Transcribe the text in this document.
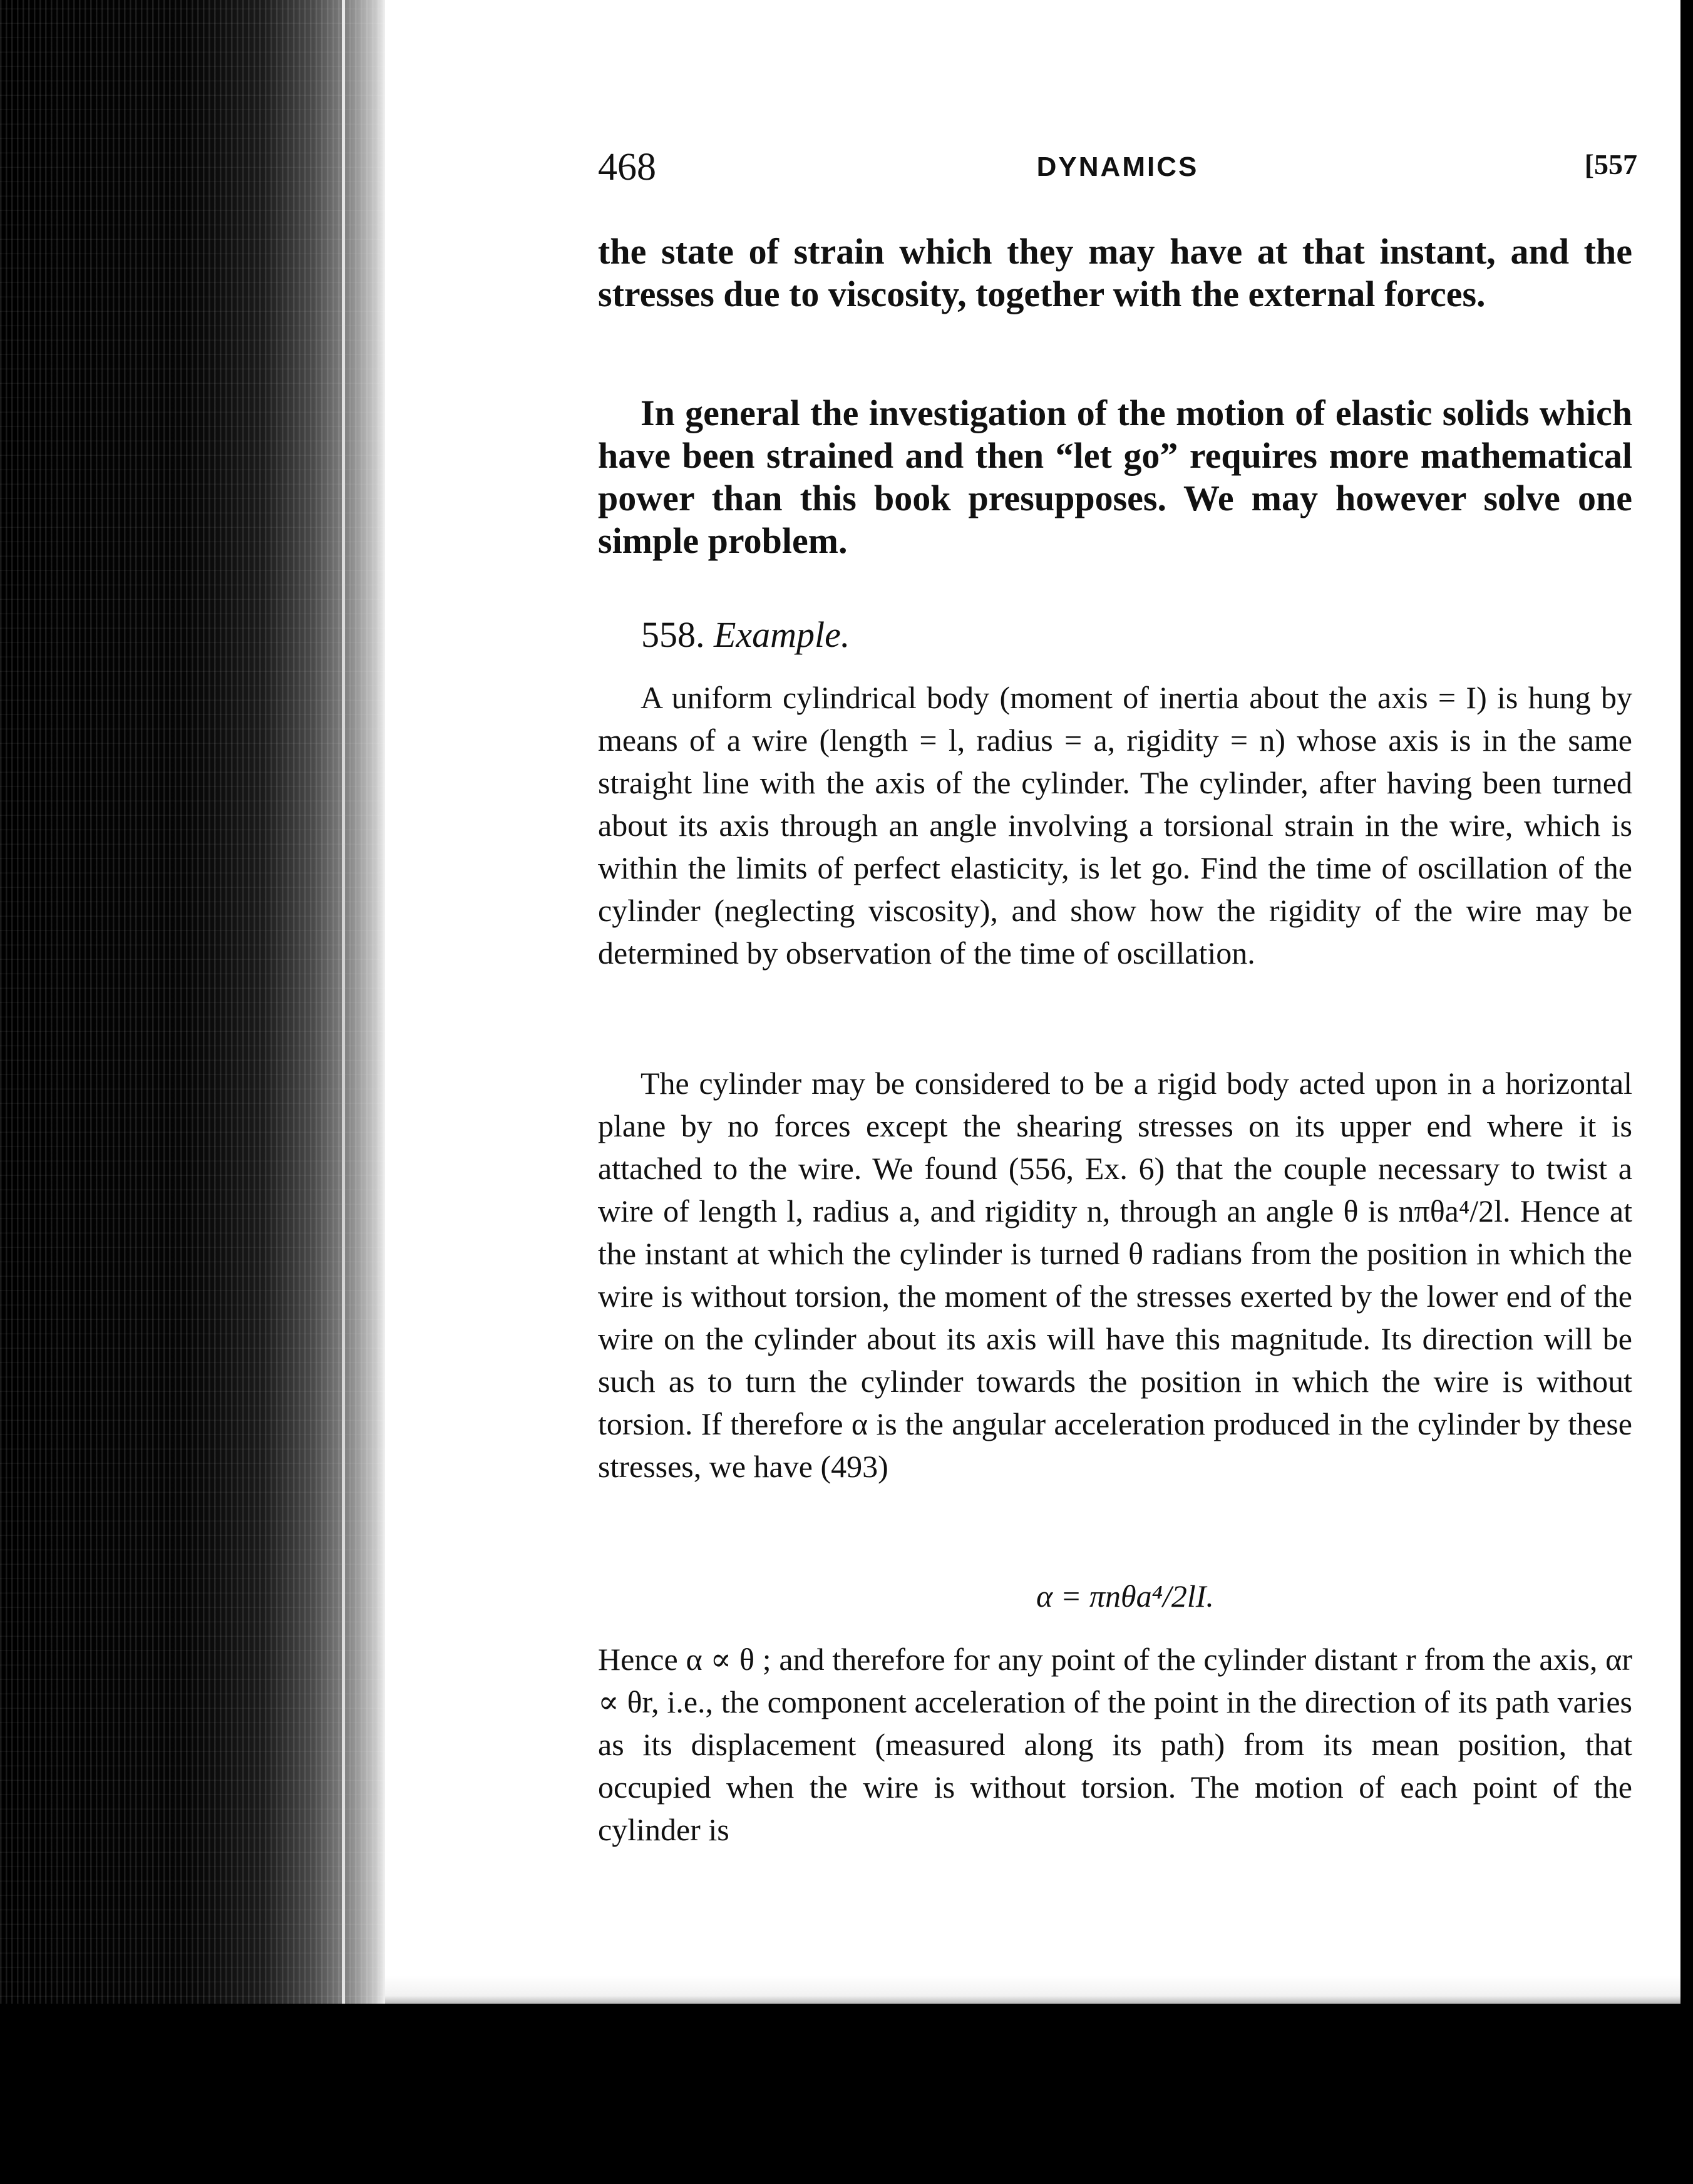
468	DYNAMICS	[557

the state of strain which they may have at that instant, and the stresses due to viscosity, together with the external forces.

In general the investigation of the motion of elastic solids which have been strained and then “let go” requires more mathematical power than this book presupposes. We may however solve one simple problem.

558. Example.

A uniform cylindrical body (moment of inertia about the axis = I) is hung by means of a wire (length = l, radius = a, rigidity = n) whose axis is in the same straight line with the axis of the cylinder. The cylinder, after having been turned about its axis through an angle involving a torsional strain in the wire, which is within the limits of perfect elasticity, is let go. Find the time of oscillation of the cylinder (neglecting viscosity), and show how the rigidity of the wire may be determined by observation of the time of oscillation.

The cylinder may be considered to be a rigid body acted upon in a horizontal plane by no forces except the shearing stresses on its upper end where it is attached to the wire. We found (556, Ex. 6) that the couple necessary to twist a wire of length l, radius a, and rigidity n, through an angle θ is nπθa⁴/2l. Hence at the instant at which the cylinder is turned θ radians from the position in which the wire is without torsion, the moment of the stresses exerted by the lower end of the wire on the cylinder about its axis will have this magnitude. Its direction will be such as to turn the cylinder towards the position in which the wire is without torsion. If therefore α is the angular acceleration produced in the cylinder by these stresses, we have (493)

α = πnθa⁴/2lI.

Hence α ∝ θ ; and therefore for any point of the cylinder distant r from the axis, αr ∝ θr, i.e., the component acceleration of the point in the direction of its path varies as its displacement (measured along its path) from its mean position, that occupied when the wire is without torsion. The motion of each point of the cylinder is
